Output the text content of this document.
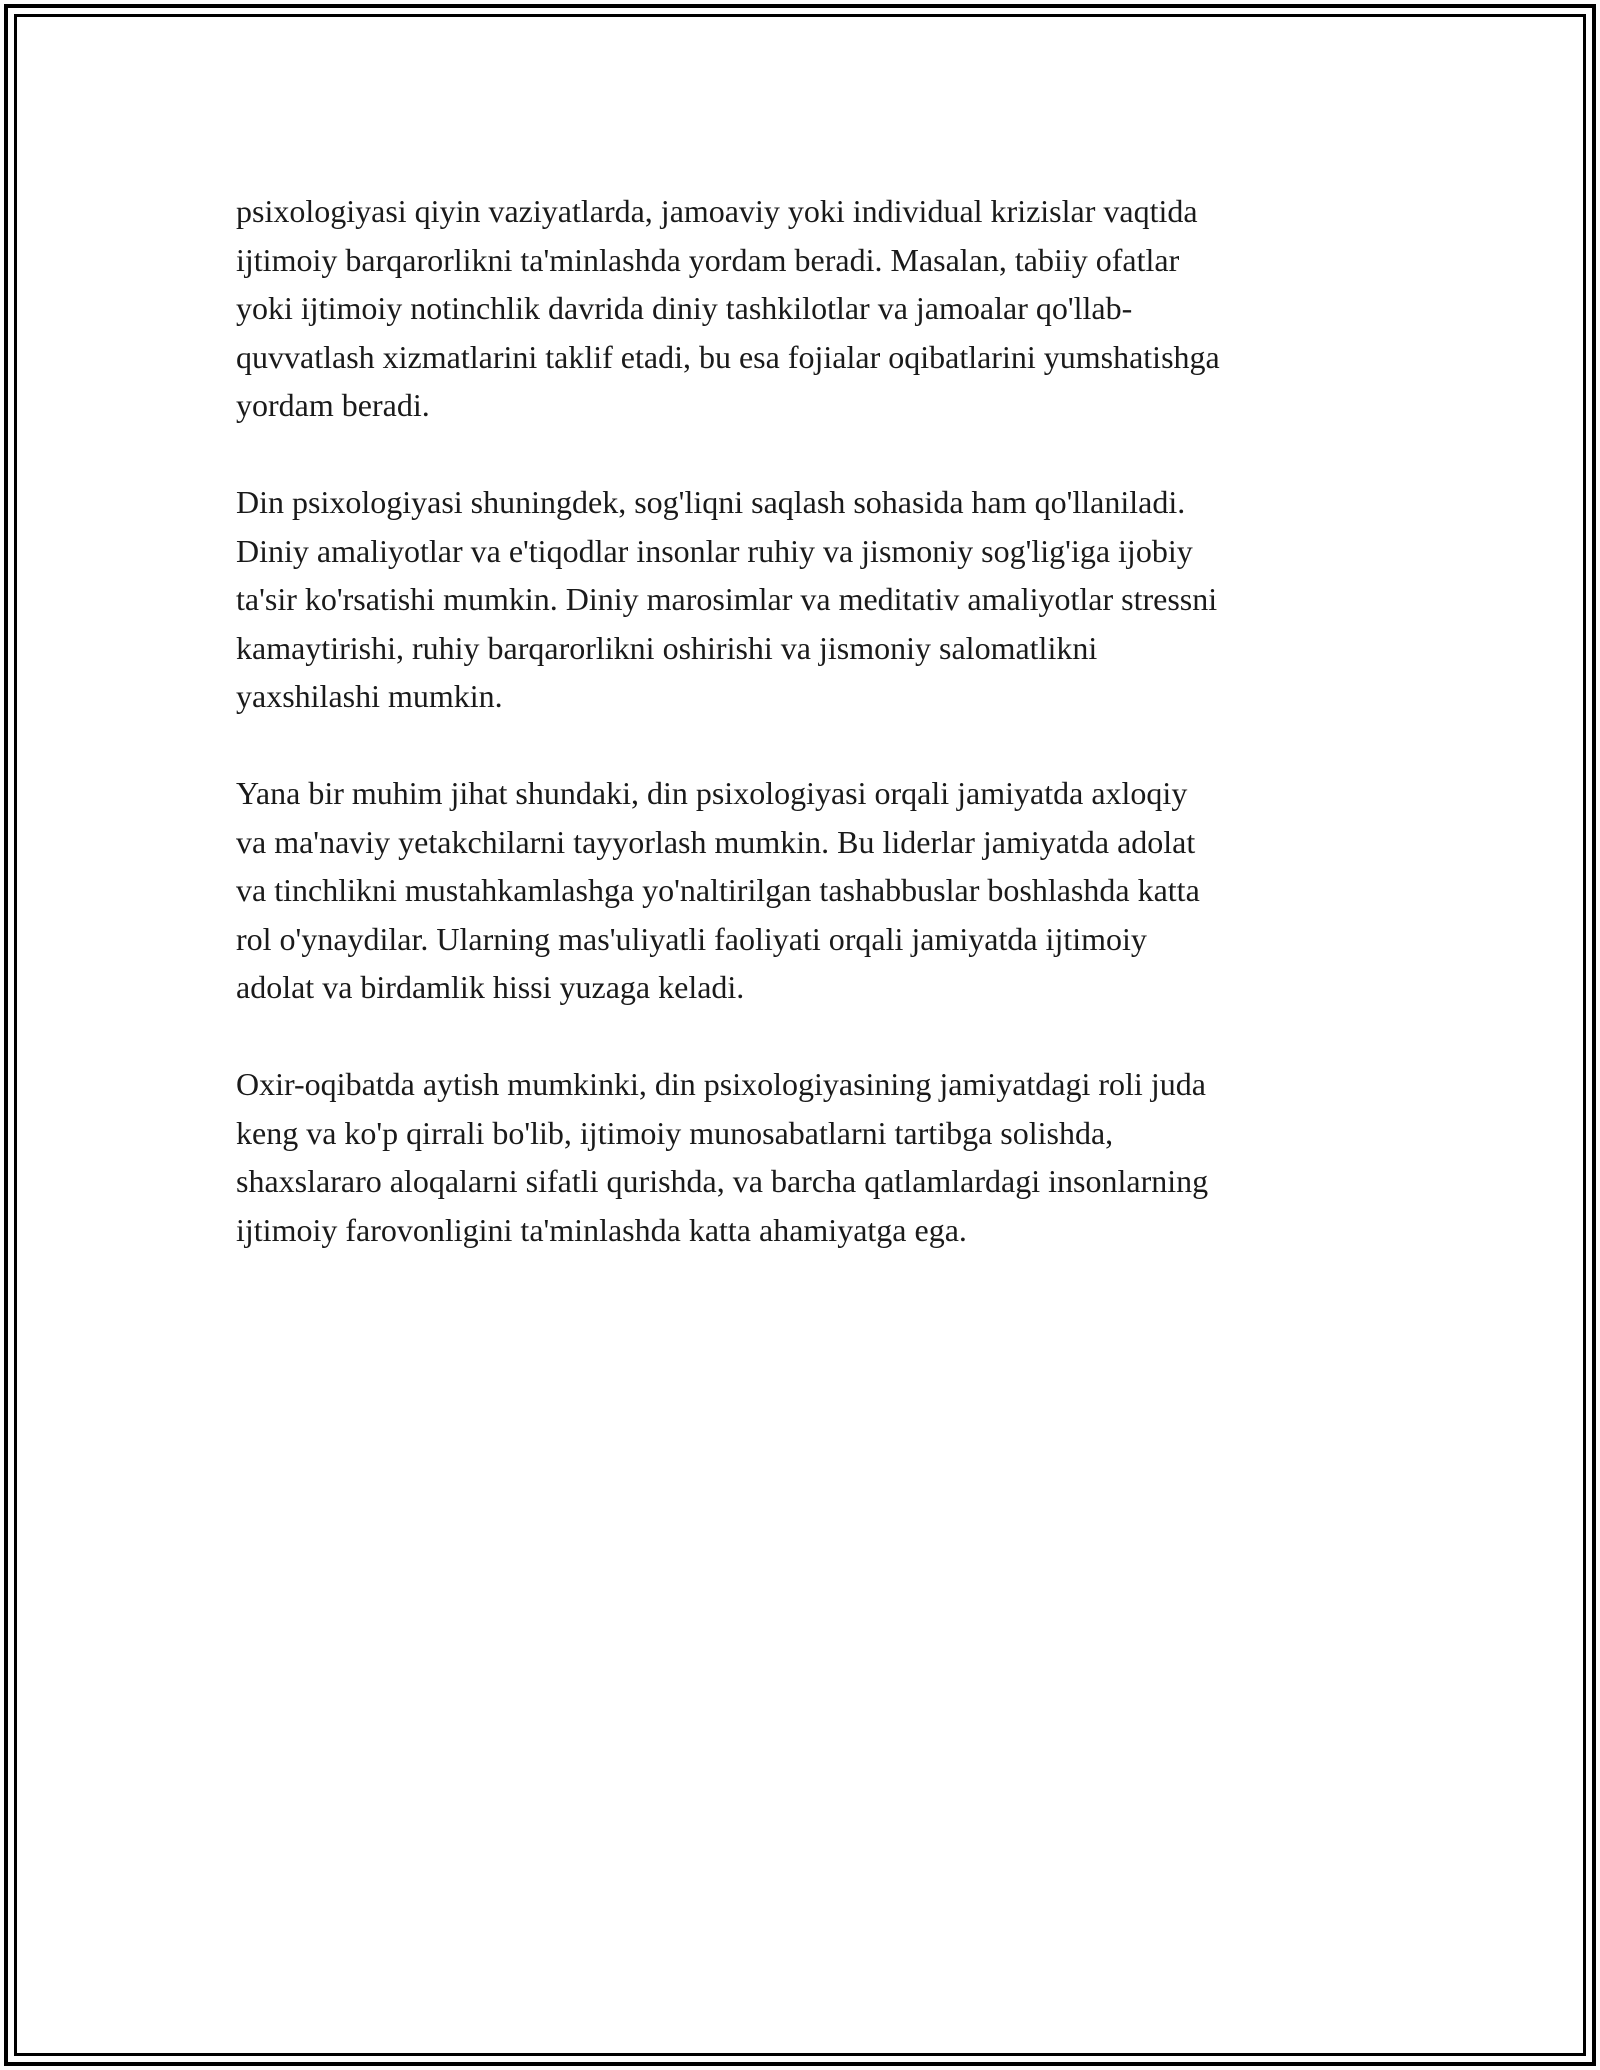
psixologiyasi qiyin vaziyatlarda, jamoaviy yoki individual krizislar vaqtida
ijtimoiy barqarorlikni ta'minlashda yordam beradi. Masalan, tabiiy ofatlar
yoki ijtimoiy notinchlik davrida diniy tashkilotlar va jamoalar qo'llab-
quvvatlash xizmatlarini taklif etadi, bu esa fojialar oqibatlarini yumshatishga
yordam beradi.

Din psixologiyasi shuningdek, sog'liqni saqlash sohasida ham qo'llaniladi.
Diniy amaliyotlar va e'tiqodlar insonlar ruhiy va jismoniy sog'lig'iga ijobiy
ta'sir ko'rsatishi mumkin. Diniy marosimlar va meditativ amaliyotlar stressni
kamaytirishi, ruhiy barqarorlikni oshirishi va jismoniy salomatlikni
yaxshilashi mumkin.

Yana bir muhim jihat shundaki, din psixologiyasi orqali jamiyatda axloqiy
va ma'naviy yetakchilarni tayyorlash mumkin. Bu liderlar jamiyatda adolat
va tinchlikni mustahkamlashga yo'naltirilgan tashabbuslar boshlashda katta
rol o'ynaydilar. Ularning mas'uliyatli faoliyati orqali jamiyatda ijtimoiy
adolat va birdamlik hissi yuzaga keladi.

Oxir-oqibatda aytish mumkinki, din psixologiyasining jamiyatdagi roli juda
keng va ko'p qirrali bo'lib, ijtimoiy munosabatlarni tartibga solishda,
shaxslararo aloqalarni sifatli qurishda, va barcha qatlamlardagi insonlarning
ijtimoiy farovonligini ta'minlashda katta ahamiyatga ega.
